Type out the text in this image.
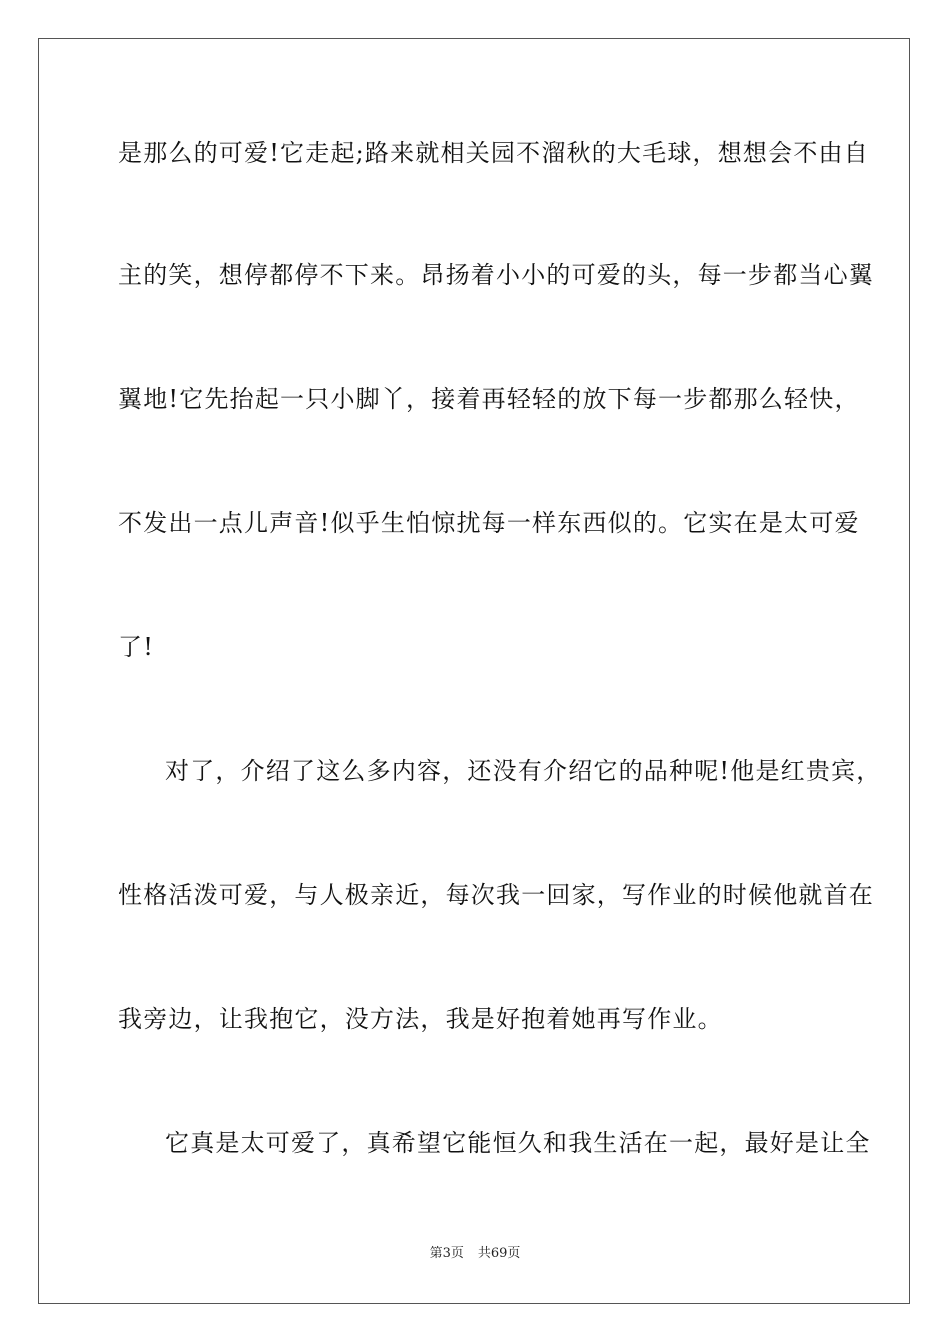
是那么的可爱!它走起;路来就相关园不溜秋的大毛球，想想会不由自
主的笑，想停都停不下来。昂扬着小小的可爱的头，每一步都当心翼
翼地!它先抬起一只小脚丫，接着再轻轻的放下每一步都那么轻快，
不发出一点儿声音!似乎生怕惊扰每一样东西似的。它实在是太可爱
了!
对了，介绍了这么多内容，还没有介绍它的品种呢!他是红贵宾，
性格活泼可爱，与人极亲近，每次我一回家，写作业的时候他就首在
我旁边，让我抱它，没方法，我是好抱着她再写作业。
它真是太可爱了，真希望它能恒久和我生活在一起，最好是让全
第3页 共69页
